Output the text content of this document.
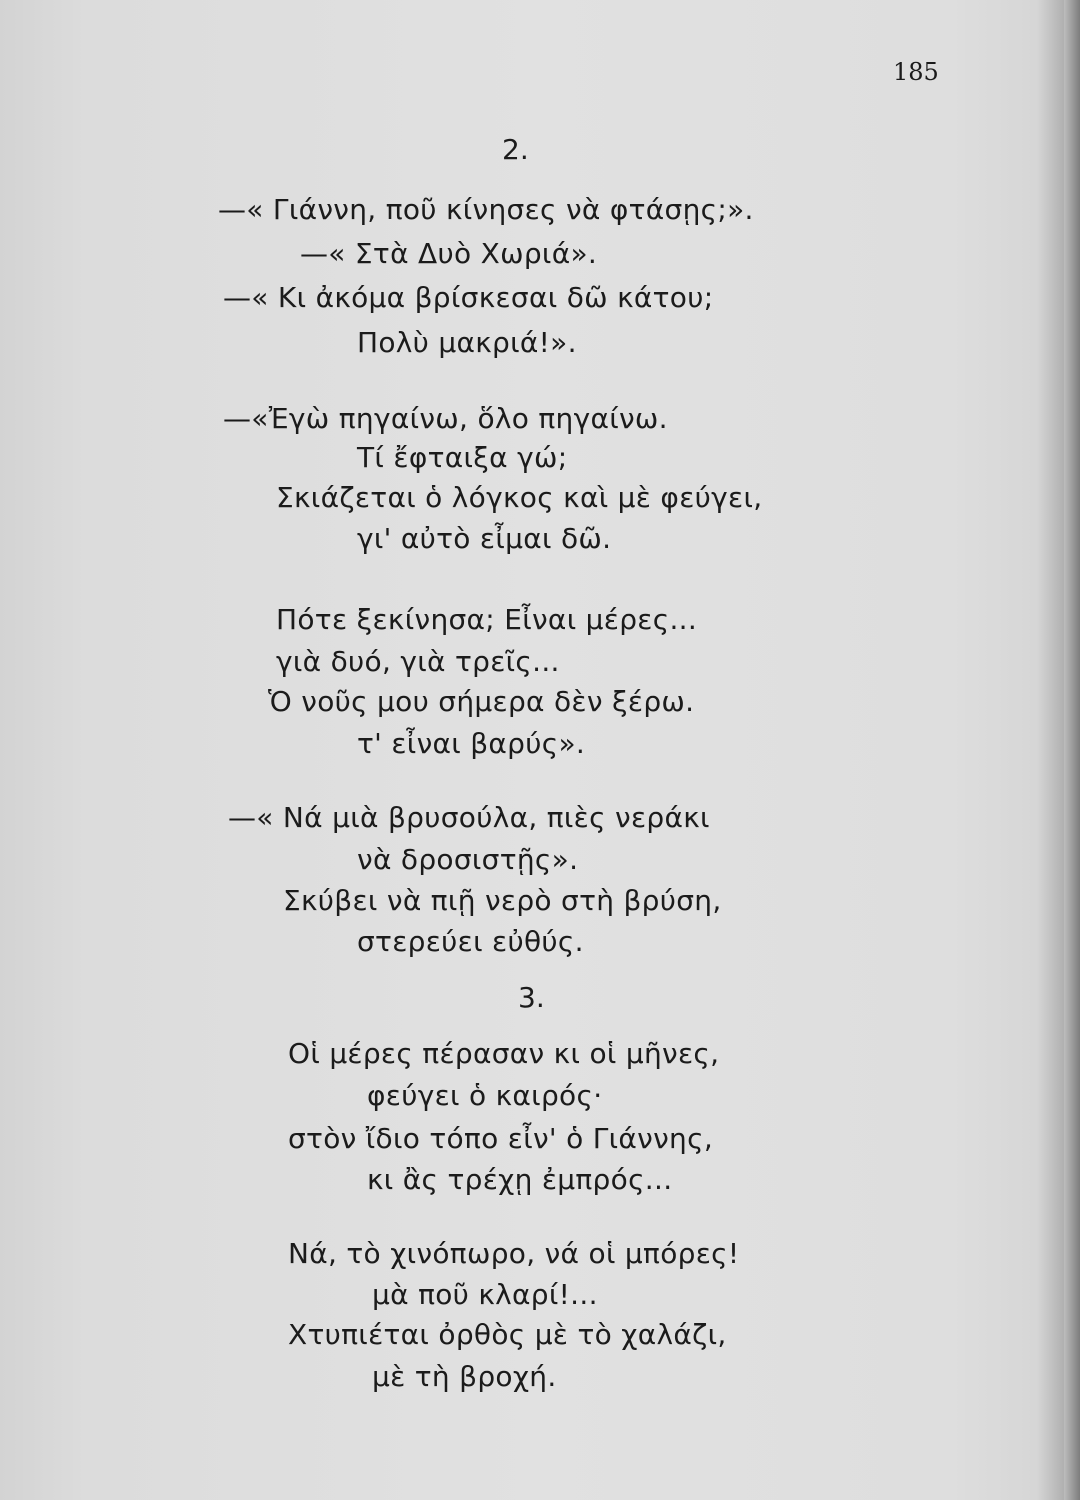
185
2.
—« Γιάννη, ποῦ κίνησες νὰ φτάσῃς;».
—« Στὰ Δυὸ Χωριά».
—« Κι ἀκόμα βρίσκεσαι δῶ κάτου;
Πολὺ μακριά!».
—«Ἐγὼ πηγαίνω, ὅλο πηγαίνω.
Τί ἔφταιξα γώ;
Σκιάζεται ὁ λόγκος καὶ μὲ φεύγει,
γι' αὐτὸ εἶμαι δῶ.
Πότε ξεκίνησα; Εἶναι μέρες...
γιὰ δυό, γιὰ τρεῖς...
Ὁ νοῦς μου σήμερα δὲν ξέρω.
τ' εἶναι βαρύς».
—« Νά μιὰ βρυσούλα, πιὲς νεράκι
νὰ δροσιστῇς».
Σκύβει νὰ πιῇ νερὸ στὴ βρύση,
στερεύει εὐθύς.
3.
Οἱ μέρες πέρασαν κι οἱ μῆνες,
φεύγει ὁ καιρός·
στὸν ἴδιο τόπο εἶν' ὁ Γιάννης,
κι ἂς τρέχῃ ἐμπρός...
Νά, τὸ χινόπωρο, νά οἱ μπόρες!
μὰ ποῦ κλαρί!...
Χτυπιέται ὀρθὸς μὲ τὸ χαλάζι,
μὲ τὴ βροχή.
